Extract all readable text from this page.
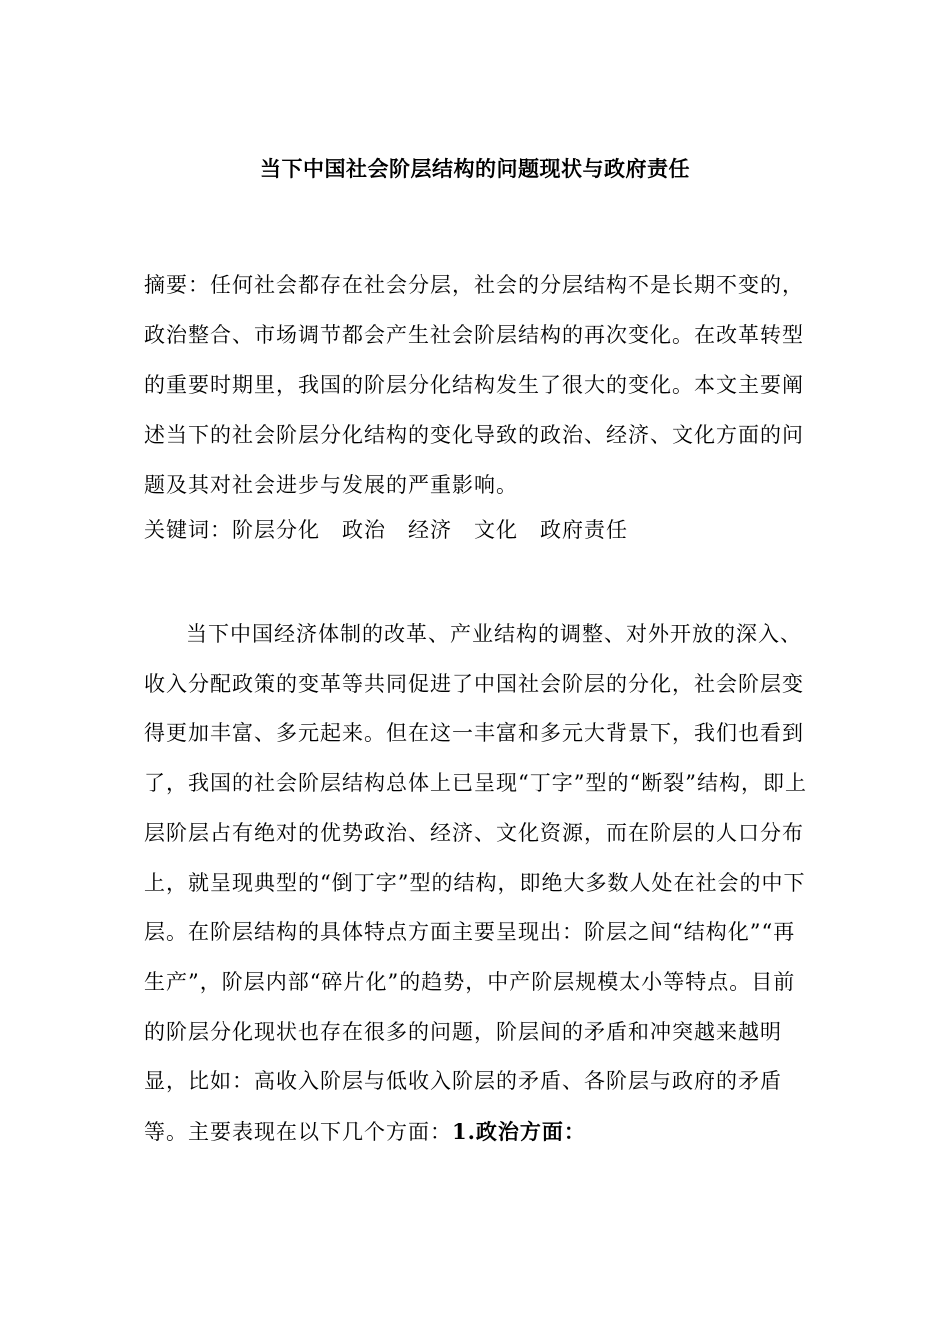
当下中国社会阶层结构的问题现状与政府责任
摘要：任何社会都存在社会分层，社会的分层结构不是长期不变的，政治整合、市场调节都会产生社会阶层结构的再次变化。在改革转型的重要时期里，我国的阶层分化结构发生了很大的变化。本文主要阐述当下的社会阶层分化结构的变化导致的政治、经济、文化方面的问题及其对社会进步与发展的严重影响。
关键词：阶层分化 政治 经济 文化 政府责任
当下中国经济体制的改革、产业结构的调整、对外开放的深入、收入分配政策的变革等共同促进了中国社会阶层的分化，社会阶层变得更加丰富、多元起来。但在这一丰富和多元大背景下，我们也看到了，我国的社会阶层结构总体上已呈现“丁字”型的“断裂”结构，即上层阶层占有绝对的优势政治、经济、文化资源，而在阶层的人口分布上，就呈现典型的“倒丁字”型的结构，即绝大多数人处在社会的中下层。在阶层结构的具体特点方面主要呈现出：阶层之间“结构化”“再生产”，阶层内部“碎片化”的趋势，中产阶层规模太小等特点。目前的阶层分化现状也存在很多的问题，阶层间的矛盾和冲突越来越明显，比如：高收入阶层与低收入阶层的矛盾、各阶层与政府的矛盾等。主要表现在以下几个方面：1.政治方面：
